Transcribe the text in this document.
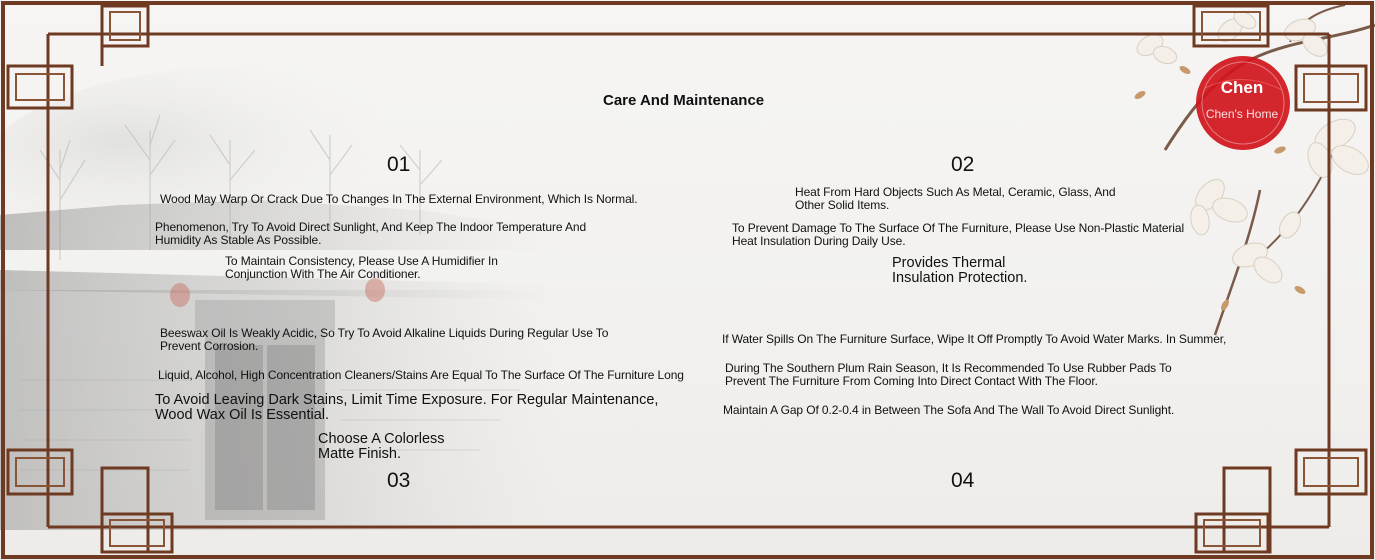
Chen
Chen's Home
Care And Maintenance
01
Wood May Warp Or Crack Due To Changes In The External Environment, Which Is Normal.
Phenomenon, Try To Avoid Direct Sunlight, And Keep The Indoor Temperature And
Humidity As Stable As Possible.
To Maintain Consistency, Please Use A Humidifier In
Conjunction With The Air Conditioner.
02
Heat From Hard Objects Such As Metal, Ceramic, Glass, And
Other Solid Items.
To Prevent Damage To The Surface Of The Furniture, Please Use Non-Plastic Material
Heat Insulation During Daily Use.
Provides Thermal
Insulation Protection.
Beeswax Oil Is Weakly Acidic, So Try To Avoid Alkaline Liquids During Regular Use To
Prevent Corrosion.
Liquid, Alcohol, High Concentration Cleaners/Stains Are Equal To The Surface Of The Furniture Long
To Avoid Leaving Dark Stains, Limit Time Exposure. For Regular Maintenance,
Wood Wax Oil Is Essential.
Choose A Colorless
Matte Finish.
03
If Water Spills On The Furniture Surface, Wipe It Off Promptly To Avoid Water Marks. In Summer,
During The Southern Plum Rain Season, It Is Recommended To Use Rubber Pads To
Prevent The Furniture From Coming Into Direct Contact With The Floor.
Maintain A Gap Of 0.2-0.4 in Between The Sofa And The Wall To Avoid Direct Sunlight.
04
